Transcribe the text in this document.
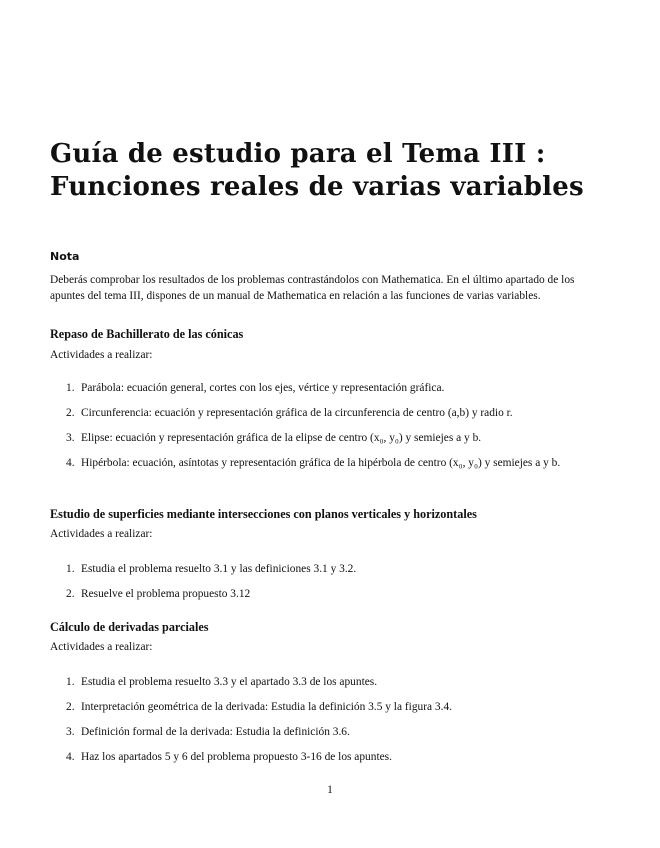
Guía de estudio para el Tema III :
Funciones reales de varias variables
Nota

Deberás comprobar los resultados de los problemas contrastándolos con Mathematica. En el último apartado de los apuntes del tema III, dispones de un manual de Mathematica en relación a las funciones de varias variables.

Repaso de Bachillerato de las cónicas

Actividades a realizar:

1. Parábola: ecuación general, cortes con los ejes, vértice y representación gráfica.
2. Circunferencia: ecuación y representación gráfica de la circunferencia de centro (a,b) y radio r.
3. Elipse: ecuación y representación gráfica de la elipse de centro (x₀, y₀) y semiejes a y b.
4. Hipérbola: ecuación, asíntotas y representación gráfica de la hipérbola de centro (x₀, y₀) y semiejes a y b.

Estudio de superficies mediante intersecciones con planos verticales y horizontales

Actividades a realizar:

1. Estudia el problema resuelto 3.1 y las definiciones 3.1 y 3.2.
2. Resuelve el problema propuesto 3.12

Cálculo de derivadas parciales

Actividades a realizar:

1. Estudia el problema resuelto 3.3 y el apartado 3.3 de los apuntes.
2. Interpretación geométrica de la derivada: Estudia la definición 3.5 y la figura 3.4.
3. Definición formal de la derivada: Estudia la definición 3.6.
4. Haz los apartados 5 y 6 del problema propuesto 3-16 de los apuntes.
1
